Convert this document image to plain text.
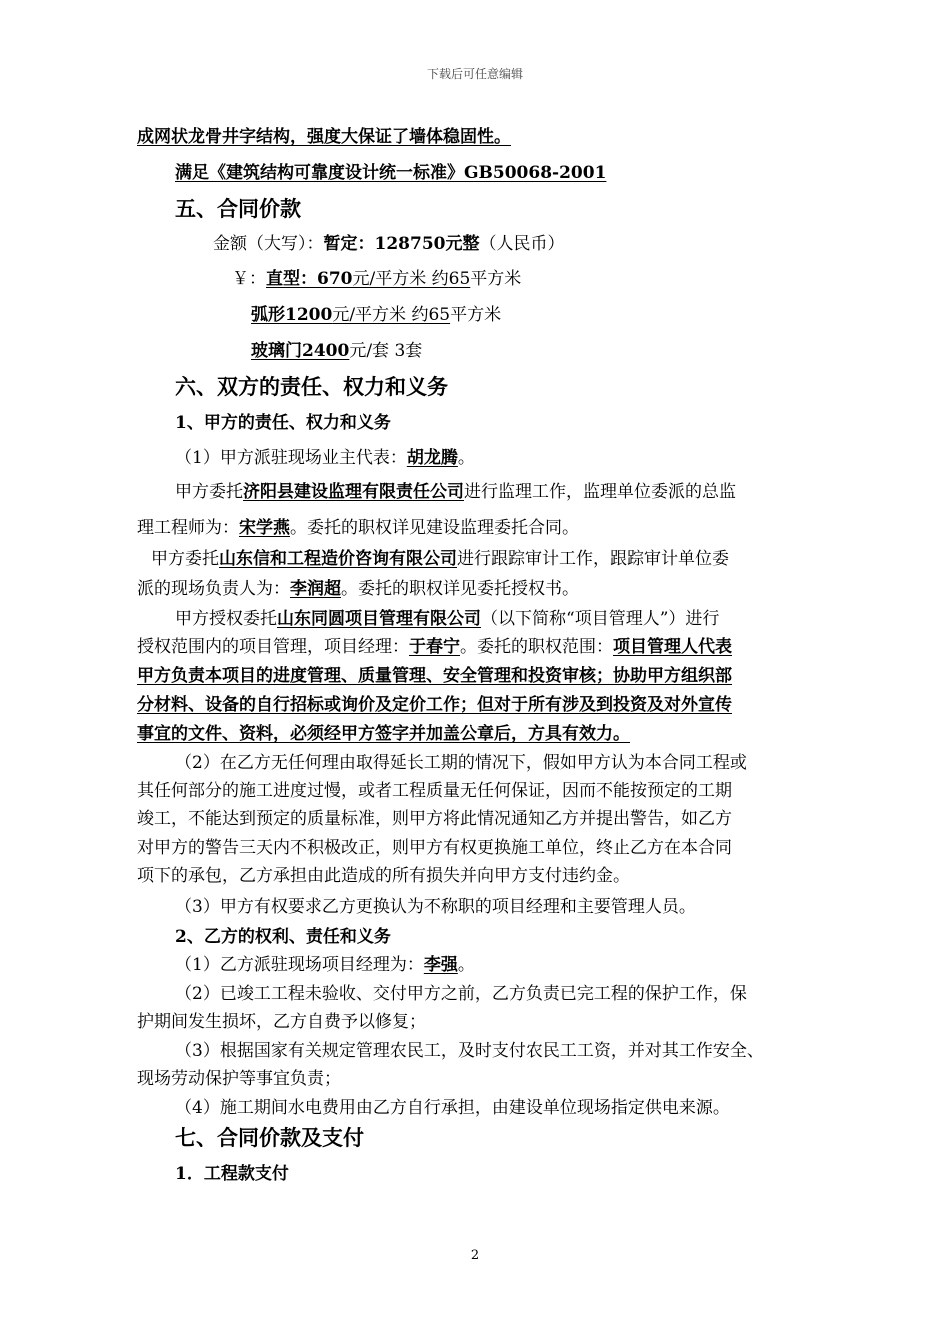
下载后可任意编辑
成网状龙骨井字结构，强度大保证了墙体稳固性。
满足《建筑结构可靠度设计统一标准》GB50068-2001
五、合同价款
金额（大写）：暂定：128750元整（人民币）
￥：直型：670元/平方米 约65平方米
弧形1200元/平方米 约65平方米
玻璃门2400元/套 3套
六、双方的责任、权力和义务
1、甲方的责任、权力和义务
（1）甲方派驻现场业主代表：胡龙腾。
甲方委托济阳县建设监理有限责任公司进行监理工作，监理单位委派的总监
理工程师为：宋学燕。委托的职权详见建设监理委托合同。
甲方委托山东信和工程造价咨询有限公司进行跟踪审计工作，跟踪审计单位委
派的现场负责人为：李润超。委托的职权详见委托授权书。
甲方授权委托山东同圆项目管理有限公司（以下简称“项目管理人”）进行
授权范围内的项目管理，项目经理：于春宁。委托的职权范围：项目管理人代表
甲方负责本项目的进度管理、质量管理、安全管理和投资审核；协助甲方组织部
分材料、设备的自行招标或询价及定价工作；但对于所有涉及到投资及对外宣传
事宜的文件、资料，必须经甲方签字并加盖公章后，方具有效力。
（2）在乙方无任何理由取得延长工期的情况下，假如甲方认为本合同工程或
其任何部分的施工进度过慢，或者工程质量无任何保证，因而不能按预定的工期
竣工，不能达到预定的质量标准，则甲方将此情况通知乙方并提出警告，如乙方
对甲方的警告三天内不积极改正，则甲方有权更换施工单位，终止乙方在本合同
项下的承包，乙方承担由此造成的所有损失并向甲方支付违约金。
（3）甲方有权要求乙方更换认为不称职的项目经理和主要管理人员。
2、乙方的权利、责任和义务
（1）乙方派驻现场项目经理为：李强。
（2）已竣工工程未验收、交付甲方之前，乙方负责已完工程的保护工作，保
护期间发生损坏，乙方自费予以修复；
（3）根据国家有关规定管理农民工，及时支付农民工工资，并对其工作安全、
现场劳动保护等事宜负责；
（4）施工期间水电费用由乙方自行承担，由建设单位现场指定供电来源。
七、合同价款及支付
1．工程款支付
2
